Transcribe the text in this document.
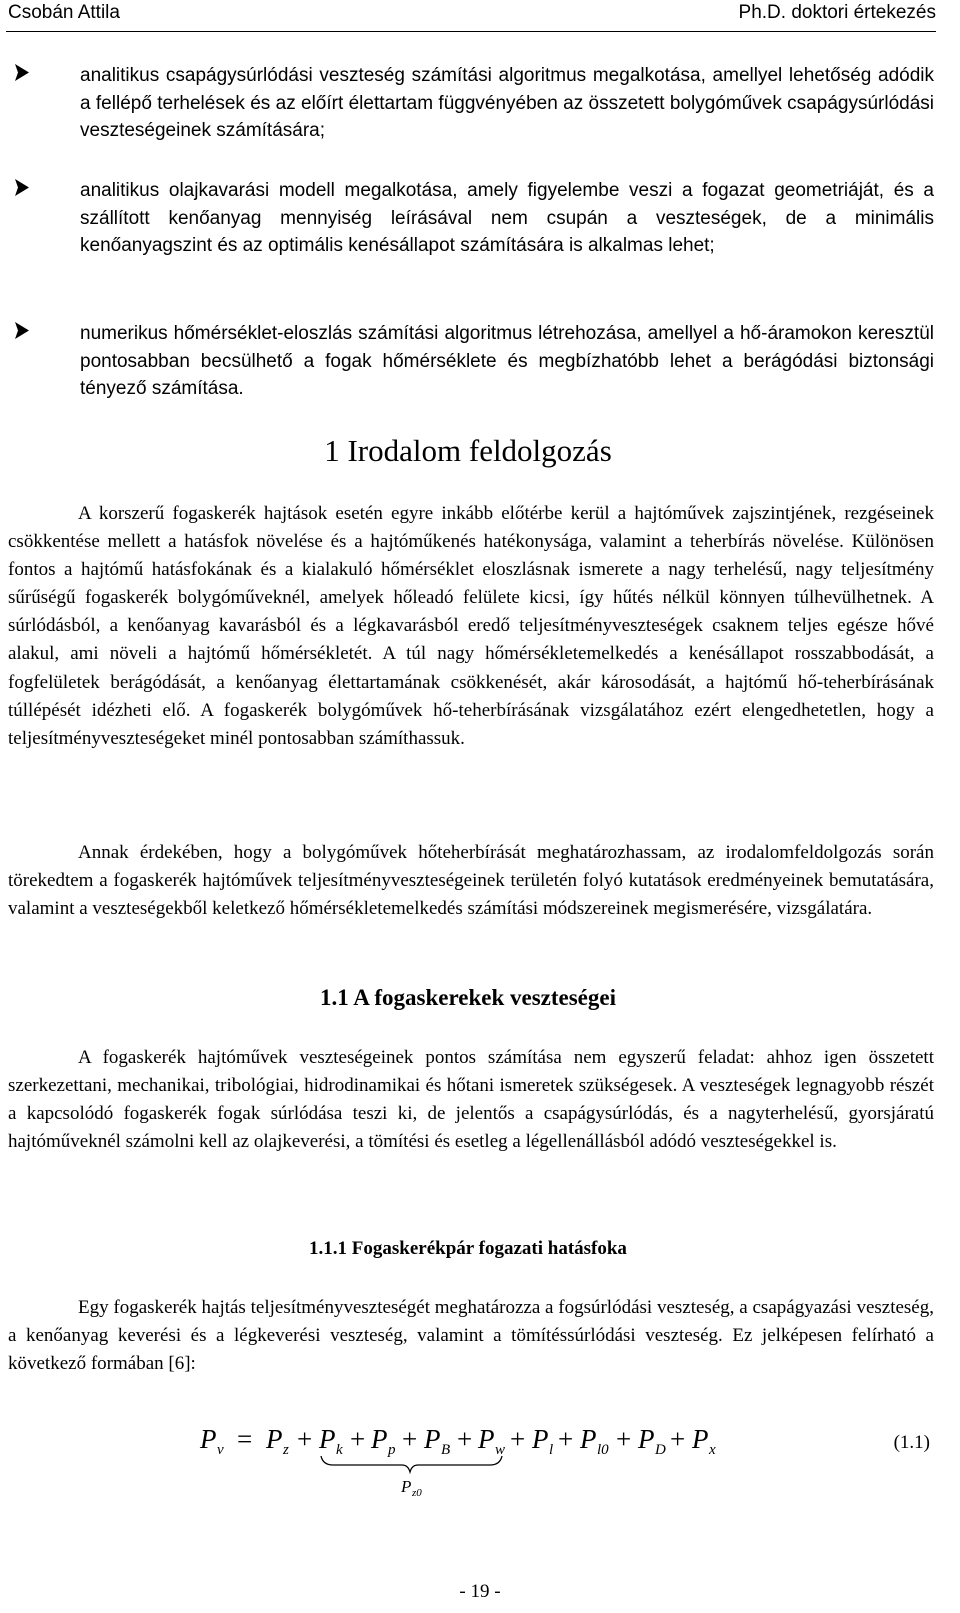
Csobán Attila	Ph.D. doktori értekezés
analitikus csapágysúrlódási veszteség számítási algoritmus megalkotása, amellyel lehetőség adódik a fellépő terhelések és az előírt élettartam függvényében az összetett bolygóművek csapágysúrlódási veszteségeinek számítására;
analitikus olajkavarási modell megalkotása, amely figyelembe veszi a fogazat geometriáját, és a szállított kenőanyag mennyiség leírásával nem csupán a veszteségek, de a minimális kenőanyagszint és az optimális kenésállapot számítására is alkalmas lehet;
numerikus hőmérséklet-eloszlás számítási algoritmus létrehozása, amellyel a hő-áramokon keresztül pontosabban becsülhető a fogak hőmérséklete és megbízhatóbb lehet a berágódási biztonsági tényező számítása.
1 Irodalom feldolgozás

A korszerű fogaskerék hajtások esetén egyre inkább előtérbe kerül a hajtóművek zajszintjének, rezgéseinek csökkentése mellett a hatásfok növelése és a hajtóműkenés hatékonysága, valamint a teherbírás növelése. Különösen fontos a hajtómű hatásfokának és a kialakuló hőmérséklet eloszlásnak ismerete a nagy terhelésű, nagy teljesítmény sűrűségű fogaskerék bolygóműveknél, amelyek hőleadó felülete kicsi, így hűtés nélkül könnyen túlhevülhetnek. A súrlódásból, a kenőanyag kavarásból és a légkavarásból eredő teljesítményveszteségek csaknem teljes egésze hővé alakul, ami növeli a hajtómű hőmérsékletét. A túl nagy hőmérsékletemelkedés a kenésállapot rosszabbodását, a fogfelületek berágódását, a kenőanyag élettartamának csökkenését, akár károsodását, a hajtómű hő-teherbírásának túllépését idézheti elő. A fogaskerék bolygóművek hő-teherbírásának vizsgálatához ezért elengedhetetlen, hogy a teljesítményveszteségeket minél pontosabban számíthassuk.

Annak érdekében, hogy a bolygóművek hőteherbírását meghatározhassam, az irodalomfeldolgozás során törekedtem a fogaskerék hajtóművek teljesítményveszteségeinek területén folyó kutatások eredményeinek bemutatására, valamint a veszteségekből keletkező hőmérsékletemelkedés számítási módszereinek megismerésére, vizsgálatára.

1.1 A fogaskerekek veszteségei

A fogaskerék hajtóművek veszteségeinek pontos számítása nem egyszerű feladat: ahhoz igen összetett szerkezettani, mechanikai, tribológiai, hidrodinamikai és hőtani ismeretek szükségesek. A veszteségek legnagyobb részét a kapcsolódó fogaskerék fogak súrlódása teszi ki, de jelentős a csapágysúrlódás, és a nagyterhelésű, gyorsjáratú hajtóműveknél számolni kell az olajkeverési, a tömítési és esetleg a légellenállásból adódó veszteségekkel is.

1.1.1 Fogaskerékpár fogazati hatásfoka

Egy fogaskerék hajtás teljesítményveszteségét meghatározza a fogsúrlódási veszteség, a csapágyazási veszteség, a kenőanyag keverési és a légkeverési veszteség, valamint a tömítéssúrlódási veszteség. Ez jelképesen felírható a következő formában [6]:

P v = P z + P k + P p + P B + P w + P l + P l0 + P D + P x
P z0
(1.1)
- 19 -
